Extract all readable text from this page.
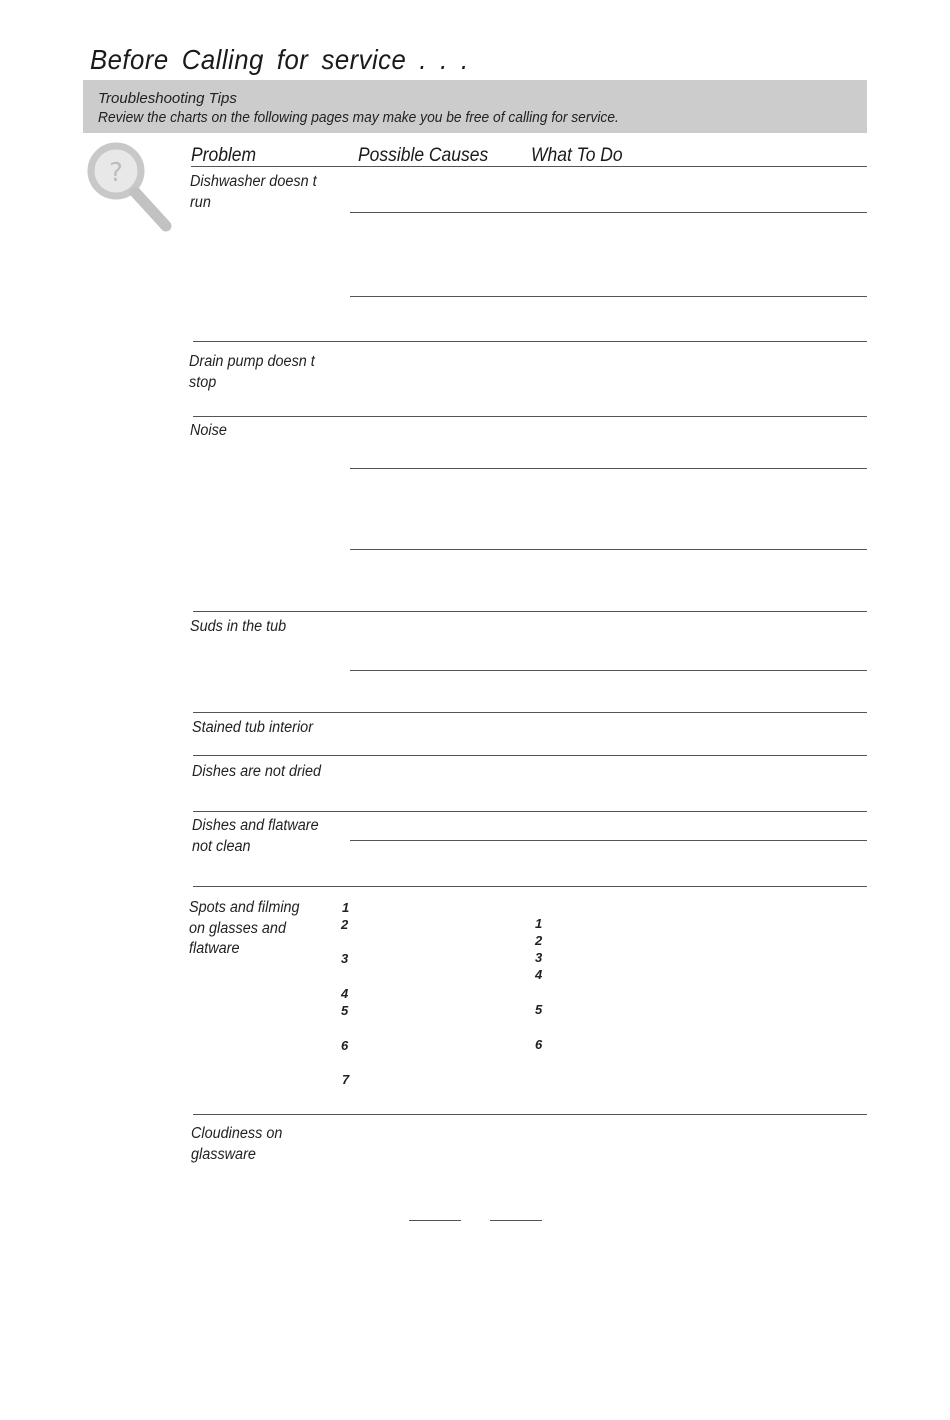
Before Calling for service . . .
Troubleshooting Tips
Review the charts on the following pages may make you be free of calling for service.
?
Problem	Possible Causes What To Do
Dishwasher doesn t run
Drain pump doesn t stop
Noise
Suds in the tub
Stained tub interior
Dishes are not dried
Dishes and flatware not clean
Spots and filming on glasses and flatware
Cloudiness on glassware
1
2
3
4
5
6
7
1
2
3
4
5
6
